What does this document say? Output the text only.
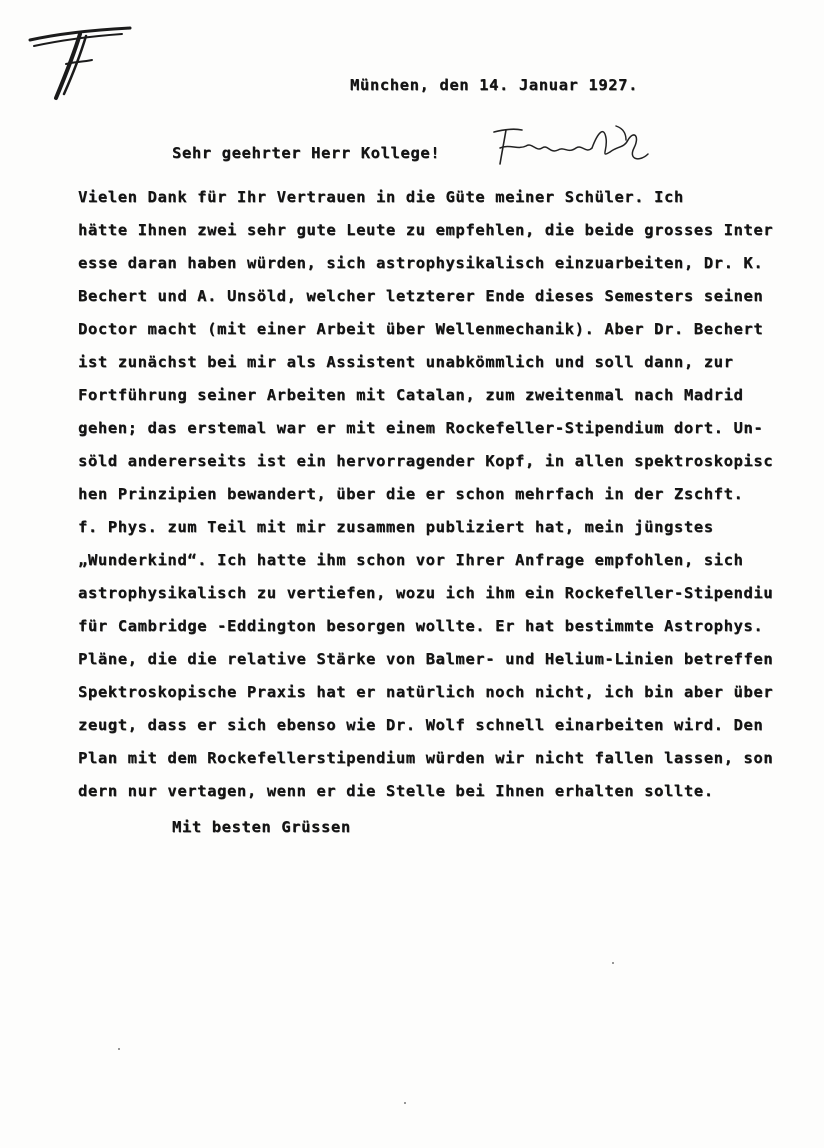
München, den 14. Januar 1927.
Sehr geehrter Herr Kollege!
Vielen Dank für Ihr Vertrauen in die Güte meiner Schüler. Ich
hätte Ihnen zwei sehr gute Leute zu empfehlen, die beide grosses Inter
esse daran haben würden, sich astrophysikalisch einzuarbeiten, Dr. K.
Bechert und A. Unsöld, welcher letzterer Ende dieses Semesters seinen
Doctor macht (mit einer Arbeit über Wellenmechanik). Aber Dr. Bechert
ist zunächst bei mir als Assistent unabkömmlich und soll dann, zur
Fortführung seiner Arbeiten mit Catalan, zum zweitenmal nach Madrid
gehen; das erstemal war er mit einem Rockefeller-Stipendium dort. Un-
söld andererseits ist ein hervorragender Kopf, in allen spektroskopisc
hen Prinzipien bewandert, über die er schon mehrfach in der Zschft.
f. Phys. zum Teil mit mir zusammen publiziert hat, mein jüngstes
„Wunderkind“. Ich hatte ihm schon vor Ihrer Anfrage empfohlen, sich
astrophysikalisch zu vertiefen, wozu ich ihm ein Rockefeller-Stipendiu
für Cambridge -Eddington besorgen wollte. Er hat bestimmte Astrophys.
Pläne, die die relative Stärke von Balmer- und Helium-Linien betreffen
Spektroskopische Praxis hat er natürlich noch nicht, ich bin aber über
zeugt, dass er sich ebenso wie Dr. Wolf schnell einarbeiten wird. Den
Plan mit dem Rockefellerstipendium würden wir nicht fallen lassen, son
dern nur vertagen, wenn er die Stelle bei Ihnen erhalten sollte.
Mit besten Grüssen
